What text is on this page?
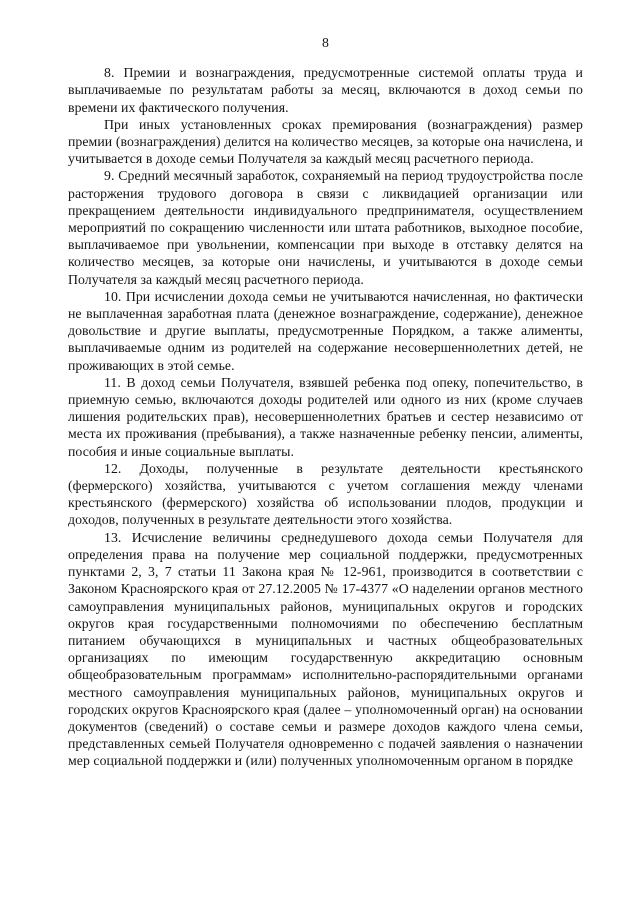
8

8. Премии и вознаграждения, предусмотренные системой оплаты труда и выплачиваемые по результатам работы за месяц, включаются в доход семьи по времени их фактического получения.

При иных установленных сроках премирования (вознаграждения) размер премии (вознаграждения) делится на количество месяцев, за которые она начислена, и учитывается в доходе семьи Получателя за каждый месяц расчетного периода.

9. Средний месячный заработок, сохраняемый на период трудоустройства после расторжения трудового договора в связи с ликвидацией организации или прекращением деятельности индивидуального предпринимателя, осуществлением мероприятий по сокращению численности или штата работников, выходное пособие, выплачиваемое при увольнении, компенсации при выходе в отставку делятся на количество месяцев, за которые они начислены, и учитываются в доходе семьи Получателя за каждый месяц расчетного периода.

10. При исчислении дохода семьи не учитываются начисленная, но фактически не выплаченная заработная плата (денежное вознаграждение, содержание), денежное довольствие и другие выплаты, предусмотренные Порядком, а также алименты, выплачиваемые одним из родителей на содержание несовершеннолетних детей, не проживающих в этой семье.

11. В доход семьи Получателя, взявшей ребенка под опеку, попечительство, в приемную семью, включаются доходы родителей или одного из них (кроме случаев лишения родительских прав), несовершеннолетних братьев и сестер независимо от места их проживания (пребывания), а также назначенные ребенку пенсии, алименты, пособия и иные социальные выплаты.

12. Доходы, полученные в результате деятельности крестьянского (фермерского) хозяйства, учитываются с учетом соглашения между членами крестьянского (фермерского) хозяйства об использовании плодов, продукции и доходов, полученных в результате деятельности этого хозяйства.

13. Исчисление величины среднедушевого дохода семьи Получателя для определения права на получение мер социальной поддержки, предусмотренных пунктами 2, 3, 7 статьи 11 Закона края № 12-961, производится в соответствии с Законом Красноярского края от 27.12.2005 № 17-4377 «О наделении органов местного самоуправления муниципальных районов, муниципальных округов и городских округов края государственными полномочиями по обеспечению бесплатным питанием обучающихся в муниципальных и частных общеобразовательных организациях по имеющим государственную аккредитацию основным общеобразовательным программам» исполнительно-распорядительными органами местного самоуправления муниципальных районов, муниципальных округов и городских округов Красноярского края (далее – уполномоченный орган) на основании документов (сведений) о составе семьи и размере доходов каждого члена семьи, представленных семьей Получателя одновременно с подачей заявления о назначении мер социальной поддержки и (или) полученных уполномоченным органом в порядке
